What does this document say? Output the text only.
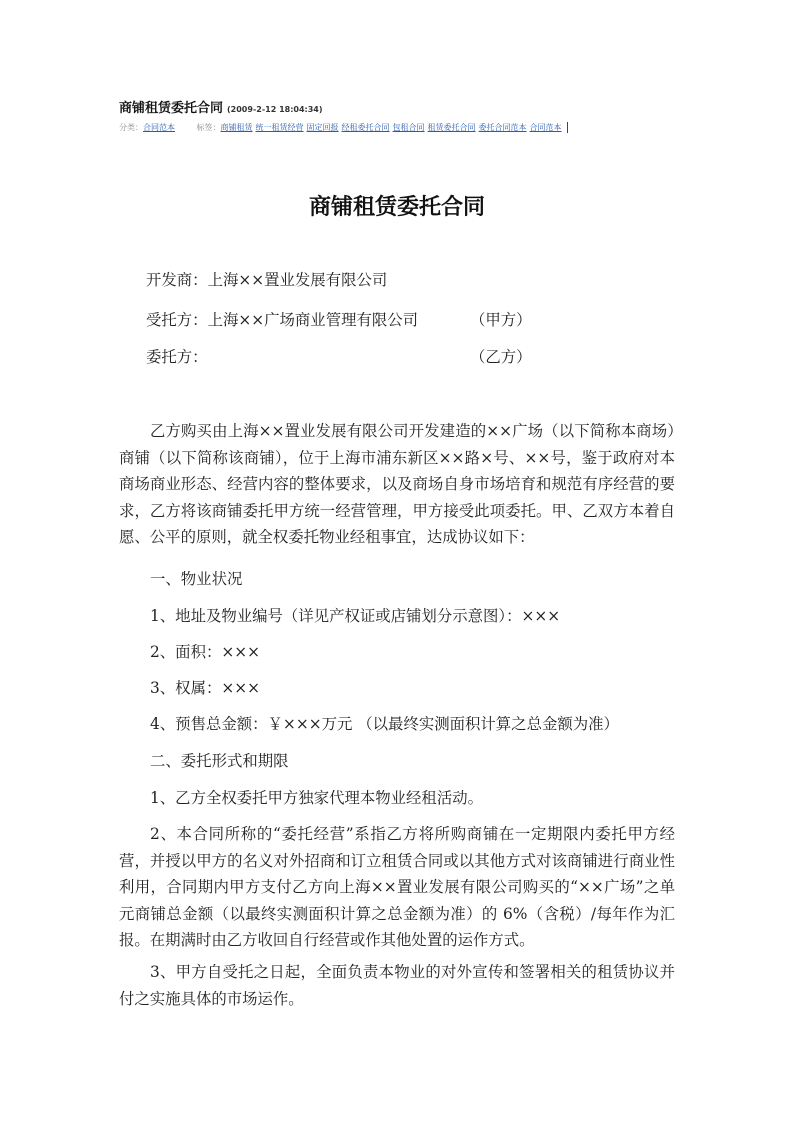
商铺租赁委托合同 (2009-2-12 18:04:34)
分类：合同范本	标签：商铺租赁 统一租赁经营 固定回报 经租委托合同 包租合同 租赁委托合同 委托合同范本 合同范本
商铺租赁委托合同
开发商：上海××置业发展有限公司
受托方：上海××广场商业管理有限公司	（甲方）
委托方：	（乙方）
乙方购买由上海××置业发展有限公司开发建造的××广场（以下简称本商场）商铺（以下简称该商铺），位于上海市浦东新区××路×号、××号，鉴于政府对本商场商业形态、经营内容的整体要求，以及商场自身市场培育和规范有序经营的要求，乙方将该商铺委托甲方统一经营管理，甲方接受此项委托。甲、乙双方本着自愿、公平的原则，就全权委托物业经租事宜，达成协议如下：
一、物业状况
1、地址及物业编号（详见产权证或店铺划分示意图）：×××
2、面积：×××
3、权属：×××
4、预售总金额：￥×××万元 （以最终实测面积计算之总金额为准）
二、委托形式和期限
1、乙方全权委托甲方独家代理本物业经租活动。
2、本合同所称的“委托经营”系指乙方将所购商铺在一定期限内委托甲方经营，并授以甲方的名义对外招商和订立租赁合同或以其他方式对该商铺进行商业性利用，合同期内甲方支付乙方向上海××置业发展有限公司购买的“××广场”之单元商铺总金额（以最终实测面积计算之总金额为准）的 6%（含税）/每年作为汇报。在期满时由乙方收回自行经营或作其他处置的运作方式。
3、甲方自受托之日起，全面负责本物业的对外宣传和签署相关的租赁协议并付之实施具体的市场运作。
